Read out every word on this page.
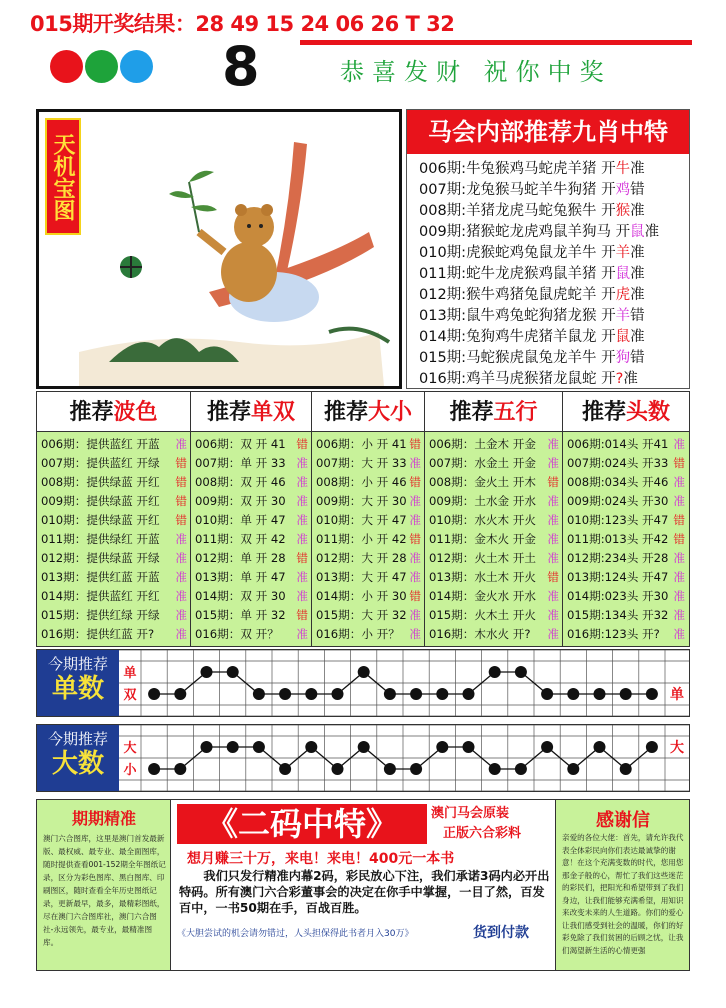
015期开奖结果：28 49 15 24 06 26 T 32
8	恭喜发财 祝你中奖
天机宝图
马会内部推荐九肖中特
006期:牛兔猴鸡马蛇虎羊猪 开牛准
007期:龙兔猴马蛇羊牛狗猪 开鸡错
008期:羊猪龙虎马蛇兔猴牛 开猴准
009期:猪猴蛇龙虎鸡鼠羊狗马 开鼠准
010期:虎猴蛇鸡兔鼠龙羊牛 开羊准
011期:蛇牛龙虎猴鸡鼠羊猪 开鼠准
012期:猴牛鸡猪兔鼠虎蛇羊 开虎准
013期:鼠牛鸡兔蛇狗猪龙猴 开羊错
014期:兔狗鸡牛虎猪羊鼠龙 开鼠准
015期:马蛇猴虎鼠兔龙羊牛 开狗错
016期:鸡羊马虎猴猪龙鼠蛇 开?准
推荐波色
006期：提供蓝红 开蓝 准
007期：提供蓝红 开绿 错
008期：提供绿蓝 开红 错
009期：提供绿蓝 开红 错
010期：提供绿蓝 开红 错
011期：提供绿红 开蓝 准
012期：提供绿蓝 开绿 准
013期：提供红蓝 开蓝 准
014期：提供蓝红 开红 准
015期：提供红绿 开绿 准
016期：提供红蓝 开? 准
推荐单双
006期：双 开 41 错
007期：单 开 33 准
008期：双 开 46 准
009期：双 开 30 准
010期：单 开 47 准
011期：双 开 42 准
012期：单 开 28 错
013期：单 开 47 准
014期：双 开 30 准
015期：单 开 32 错
016期：双 开？ 准
推荐大小
006期：小 开 41 错
007期：大 开 33 准
008期：小 开 46 错
009期：大 开 30 准
010期：大 开 47 准
011期：小 开 42 错
012期：大 开 28 准
013期：大 开 47 准
014期：小 开 30 错
015期：大 开 32 准
016期：小 开？ 准
推荐五行
006期：土金木 开金 准
007期：水金土 开金 准
008期：金火土 开木 错
009期：土水金 开水 准
010期：水火木 开火 准
011期：金木火 开金 准
012期：火土木 开土 准
013期：水土木 开火 错
014期：金火水 开水 准
015期：火木土 开火 准
016期：木水火 开? 准
推荐头数
006期:014头 开41 准
007期:024头 开33 错
008期:034头 开46 准
009期:024头 开30 准
010期:123头 开47 错
011期:013头 开42 错
012期:234头 开28 准
013期:124头 开47 准
014期:023头 开30 准
015期:134头 开32 准
016期:123头 开? 准
今期推荐
单数
单
双	单
今期推荐
大数
大
小
大
期期精准
澳门六合图库，这里是澳门首发最新版、最权威、最专业、最全面图库，随时提供查看001-152期全年图纸记录，区分为彩色图库、黑白图库、印刷图区，随时查看全年历史图纸记录，更新最早，最多，最精彩图纸，尽在澳门六合图库社，澳门六合图社-永远领先，最专业，最精准图库。
《二码中特》	澳门马会原装
正版六合彩料
想月赚三十万，来电！来电！400元一本书
我们只发行精准内幕2码，彩民放心下注，我们承诺3码内必开出特码。所有澳门六合彩董事会的决定在你手中掌握，一目了然，百发百中，一书50期在手，百战百胜。
《大胆尝试的机会请勿错过，人头担保得此书者月入30万》	货到付款
感谢信
亲爱的各位大佬：首先，请允许我代表全体彩民向你们表达最诚挚的谢意！在这个充满变数的时代，您用您那金子般的心，帮忙了我们这些迷茫的彩民们，把阳光和希望带到了我们身边，让我们能够充满希望，用知识来改变未来的人生道路。你们的爱心让我们感受到社会的温暖，你们的好彩免除了我们贫困的后顾之忧，让我们渴望新生活的心情更强
